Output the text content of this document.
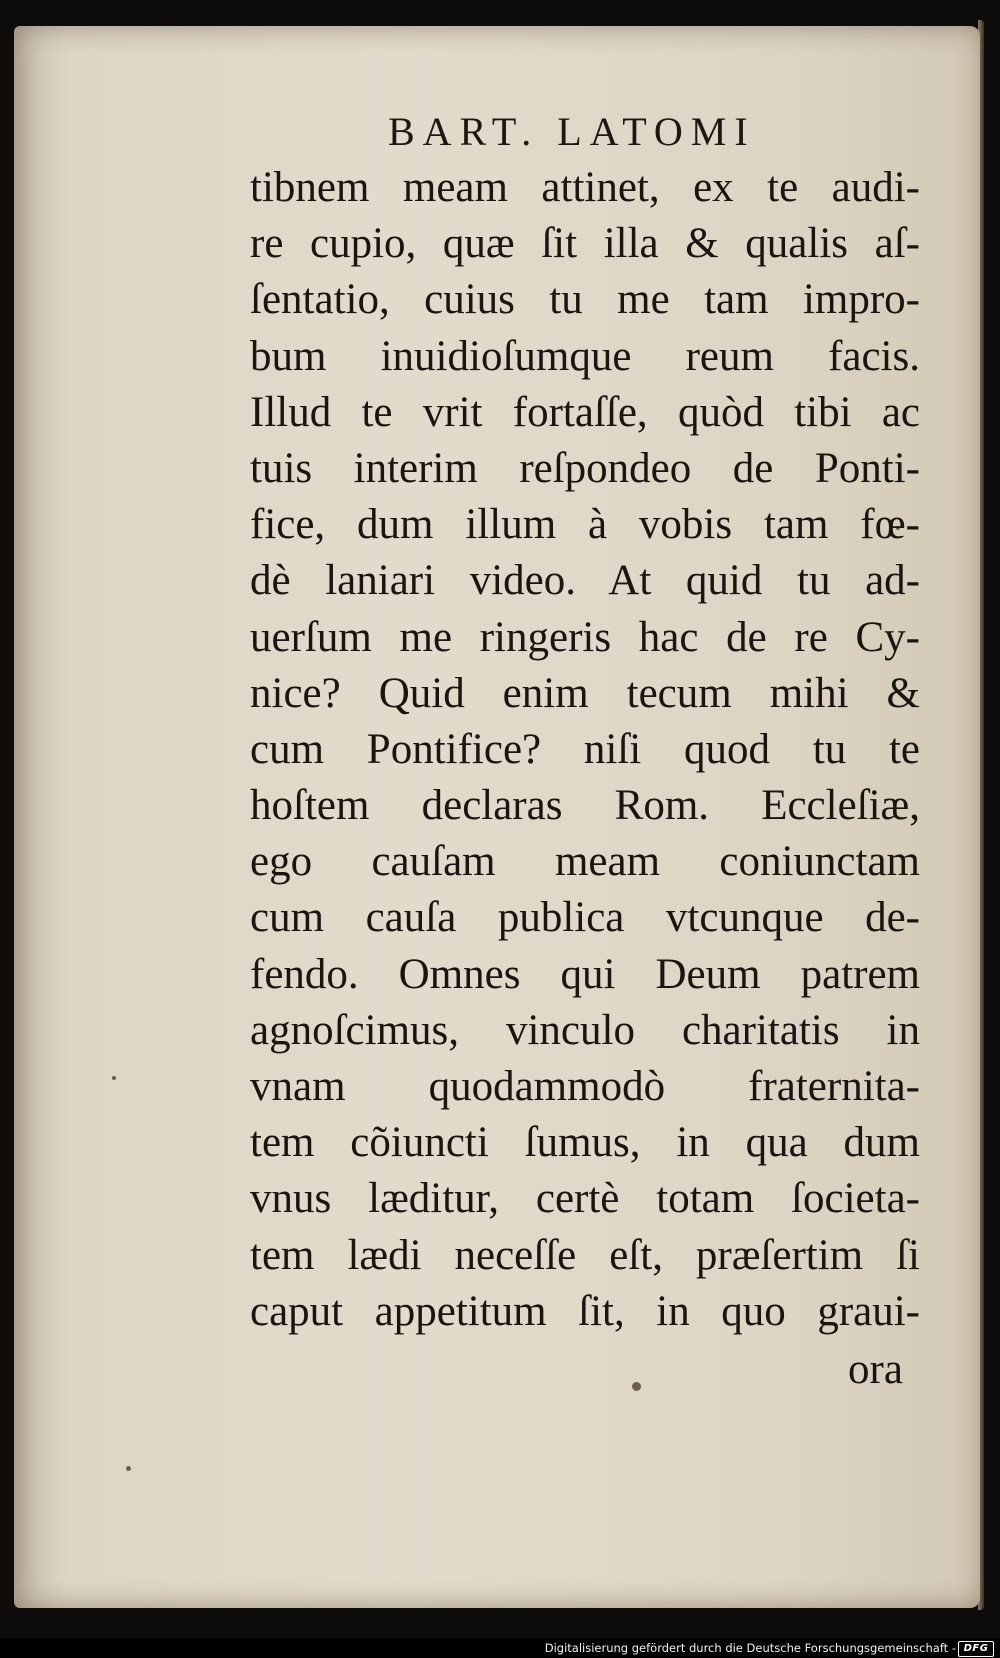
BART. LATOMI
tibnem meam attinet, ex te audi-
re cupio, quæ ſit illa & qualis aſ-
ſentatio, cuius tu me tam impro-
bum inuidioſumque reum facis.
Illud te vrit fortaſſe, quòd tibi ac
tuis interim reſpondeo de Ponti-
fice, dum illum à vobis tam fœ-
dè laniari video. At quid tu ad-
uerſum me ringeris hac de re Cy-
nice? Quid enim tecum mihi &
cum Pontifice? niſi quod tu te
hoſtem declaras Rom. Eccleſiæ,
ego cauſam meam coniunctam
cum cauſa publica vtcunque de-
fendo. Omnes qui Deum patrem
agnoſcimus, vinculo charitatis in
vnam quodammodò fraternita-
tem cõiuncti ſumus, in qua dum
vnus læditur, certè totam ſocieta-
tem lædi neceſſe eſt, præſertim ſi
caput appetitum ſit, in quo graui-
ora
Digitalisierung gefördert durch die Deutsche Forschungsgemeinschaft - DFG
